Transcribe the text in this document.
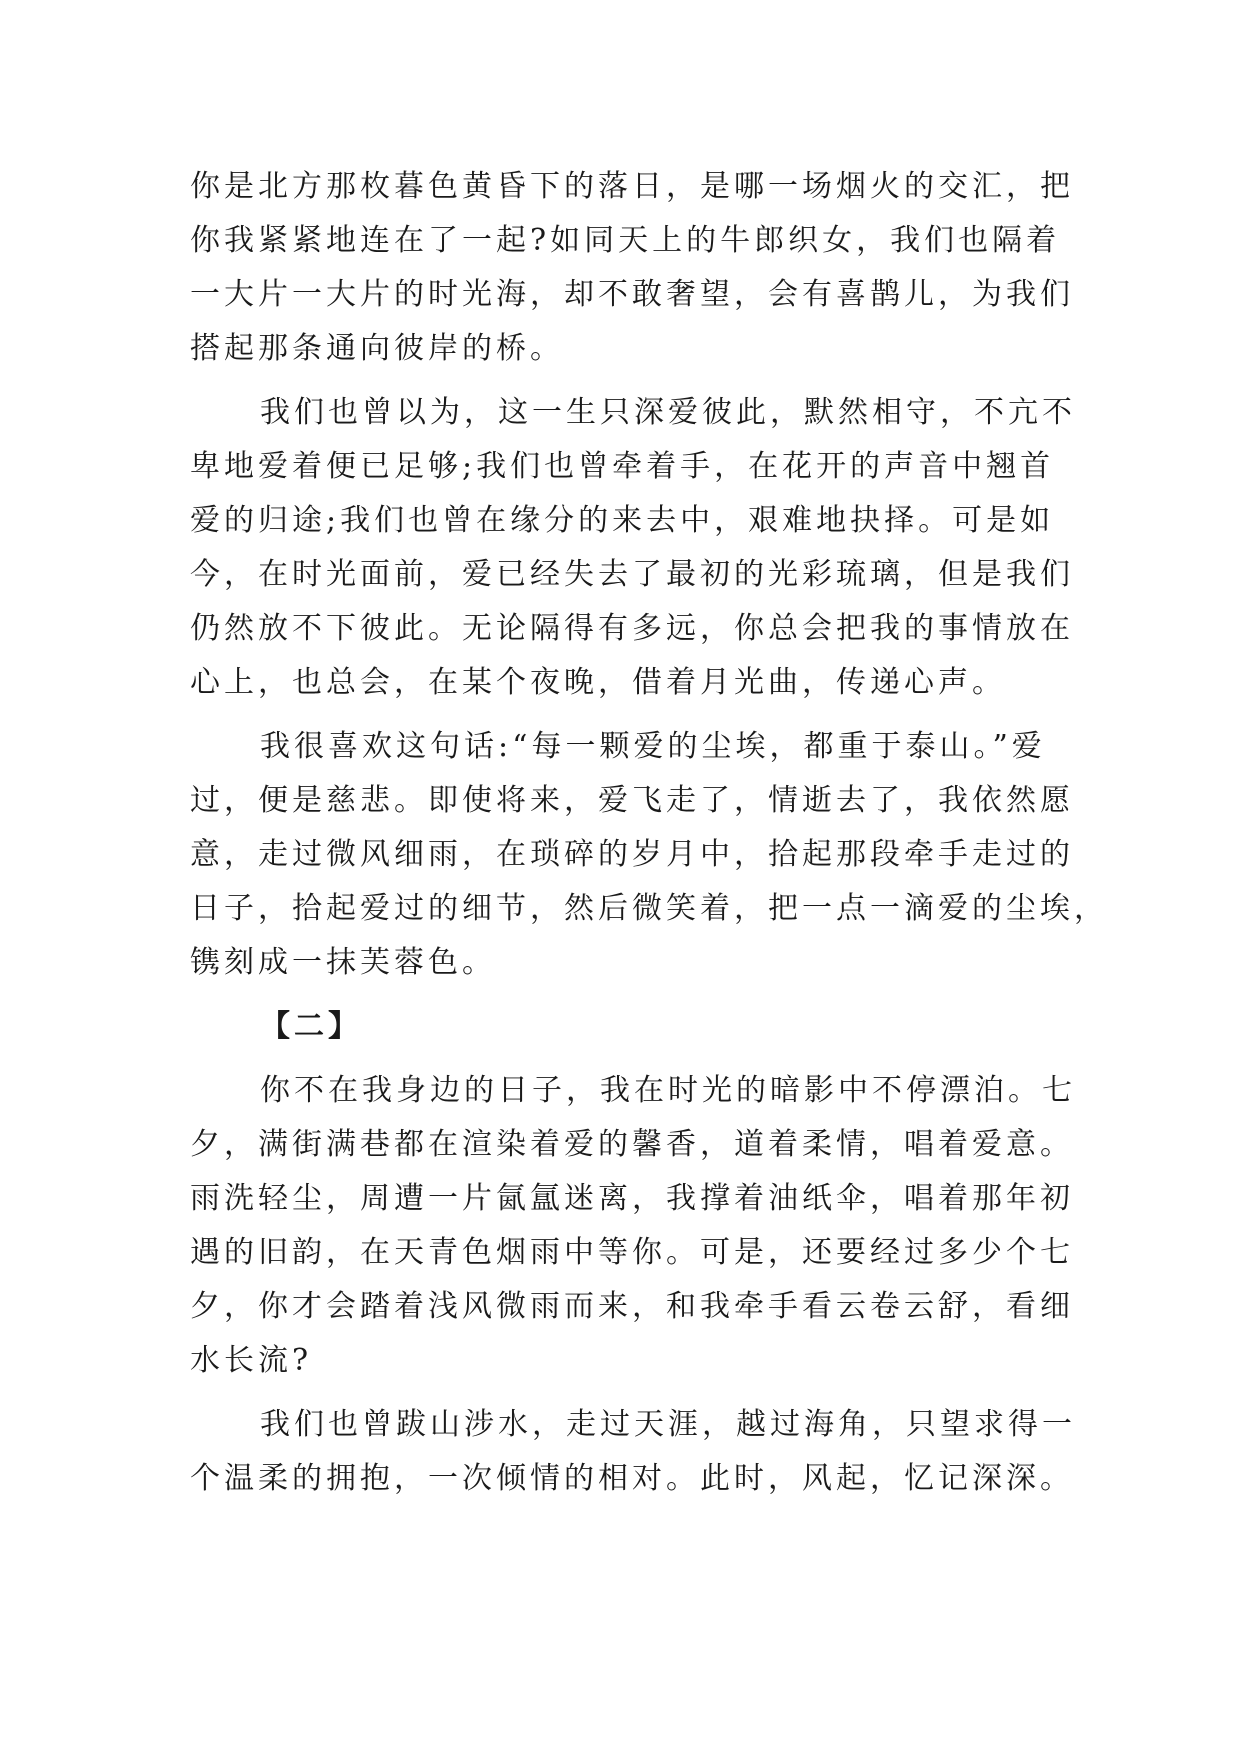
你是北方那枚暮色黄昏下的落日，是哪一场烟火的交汇，把
你我紧紧地连在了一起?如同天上的牛郎织女，我们也隔着
一大片一大片的时光海，却不敢奢望，会有喜鹊儿，为我们
搭起那条通向彼岸的桥。
我们也曾以为，这一生只深爱彼此，默然相守，不亢不
卑地爱着便已足够;我们也曾牵着手，在花开的声音中翘首
爱的归途;我们也曾在缘分的来去中，艰难地抉择。可是如
今，在时光面前，爱已经失去了最初的光彩琉璃，但是我们
仍然放不下彼此。无论隔得有多远，你总会把我的事情放在
心上，也总会，在某个夜晚，借着月光曲，传递心声。
我很喜欢这句话:“每一颗爱的尘埃，都重于泰山。”爱
过，便是慈悲。即使将来，爱飞走了，情逝去了，我依然愿
意，走过微风细雨，在琐碎的岁月中，拾起那段牵手走过的
日子，拾起爱过的细节，然后微笑着，把一点一滴爱的尘埃，
镌刻成一抹芙蓉色。
【二】
你不在我身边的日子，我在时光的暗影中不停漂泊。七
夕，满街满巷都在渲染着爱的馨香，道着柔情，唱着爱意。
雨洗轻尘，周遭一片氤氲迷离，我撑着油纸伞，唱着那年初
遇的旧韵，在天青色烟雨中等你。可是，还要经过多少个七
夕，你才会踏着浅风微雨而来，和我牵手看云卷云舒，看细
水长流?
我们也曾跋山涉水，走过天涯，越过海角，只望求得一
个温柔的拥抱，一次倾情的相对。此时，风起，忆记深深。
